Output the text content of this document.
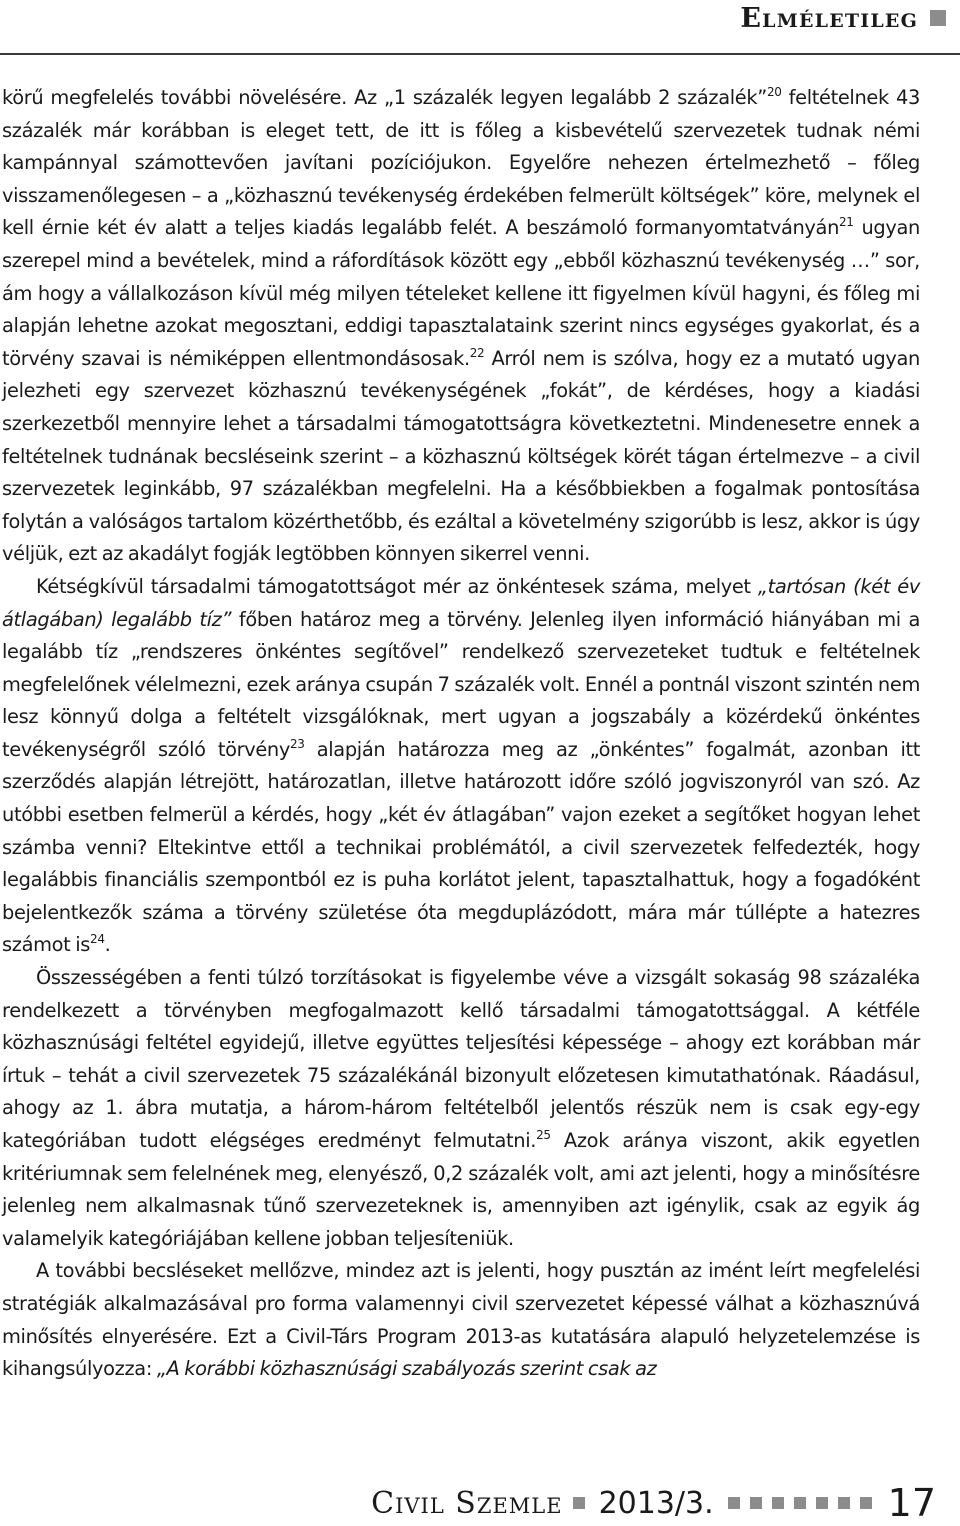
Elméletileg

körű megfelelés további növelésére. Az „1 százalék legyen legalább 2 százalék”$^{20}$ feltételnek 43 százalék már korábban is eleget tett, de itt is főleg a kisbevételű szervezetek tudnak némi kampánnyal számottevően javítani pozíciójukon. Egyelőre nehezen értelmezhető – főleg visszamenőlegesen – a „közhasznú tevékenység érdekében felmerült költségek” köre, melynek el kell érnie két év alatt a teljes kiadás legalább felét. A beszámoló formanyomtatványán$^{21}$ ugyan szerepel mind a bevételek, mind a ráfordítások között egy „ebből közhasznú tevékenység …” sor, ám hogy a vállalkozáson kívül még milyen tételeket kellene itt figyelmen kívül hagyni, és főleg mi alapján lehetne azokat megosztani, eddigi tapasztalataink szerint nincs egységes gyakorlat, és a törvény szavai is némiképpen ellentmondásosak.$^{22}$ Arról nem is szólva, hogy ez a mutató ugyan jelezheti egy szervezet közhasznú tevékenységének „fokát”, de kérdéses, hogy a kiadási szerkezetből mennyire lehet a társadalmi támogatottságra következtetni. Mindenesetre ennek a feltételnek tudnának becsléseink szerint – a közhasznú költségek körét tágan értelmezve – a civil szervezetek leginkább, 97 százalékban megfelelni. Ha a későbbiekben a fogalmak pontosítása folytán a valóságos tartalom közérthetőbb, és ezáltal a követelmény szigorúbb is lesz, akkor is úgy véljük, ezt az akadályt fogják legtöbben könnyen sikerrel venni.

Kétségkívül társadalmi támogatottságot mér az önkéntesek száma, melyet „tartósan (két év átlagában) legalább tíz” főben határoz meg a törvény. Jelenleg ilyen információ hiányában mi a legalább tíz „rendszeres önkéntes segítővel” rendelkező szervezeteket tudtuk e feltételnek megfelelőnek vélelmezni, ezek aránya csupán 7 százalék volt. Ennél a pontnál viszont szintén nem lesz könnyű dolga a feltételt vizsgálóknak, mert ugyan a jogszabály a közérdekű önkéntes tevékenységről szóló törvény$^{23}$ alapján határozza meg az „önkéntes” fogalmát, azonban itt szerződés alapján létrejött, határozatlan, illetve határozott időre szóló jogviszonyról van szó. Az utóbbi esetben felmerül a kérdés, hogy „két év átlagában” vajon ezeket a segítőket hogyan lehet számba venni? Eltekintve ettől a technikai problémától, a civil szervezetek felfedezték, hogy legalábbis financiális szempontból ez is puha korlátot jelent, tapasztalhattuk, hogy a fogadóként bejelentkezők száma a törvény születése óta megduplázódott, mára már túllépte a hatezres számot $is^{24}$.

Összességében a fenti túlzó torzításokat is figyelembe véve a vizsgált sokaság 98 százaléka rendelkezett a törvényben megfogalmazott kellő társadalmi támogatottsággal. A kétféle közhasznúsági feltétel egyidejű, illetve együttes teljesítési képessége – ahogy ezt korábban már írtuk – tehát a civil szervezetek 75 százalékánál bizonyult előzetesen kimutathatónak. Ráadásul, ahogy az 1. ábra mutatja, a három-három feltételből jelentős részük nem is csak egy-egy kategóriában tudott elégséges eredményt felmutatni.$^{25}$ Azok aránya viszont, akik egyetlen kritériumnak sem felelnének meg, elenyésző, 0,2 százalék volt, ami azt jelenti, hogy a minősítésre jelenleg nem alkalmasnak tűnő szervezeteknek is, amennyiben azt igénylik, csak az egyik ág valamelyik kategóriájában kellene jobban teljesíteniük.

A további becsléseket mellőzve, mindez azt is jelenti, hogy pusztán az imént leírt megfelelési stratégiák alkalmazásával pro forma valamennyi civil szervezetet képessé válhat a közhasznúvá minősítés elnyerésére. Ezt a Civil-Társ Program 2013-as kutatására alapuló helyzetelemzése is kihangsúlyozza: „A korábbi közhasznúsági szabályozás szerint csak az

Civil Szemle 2013/3.	17
